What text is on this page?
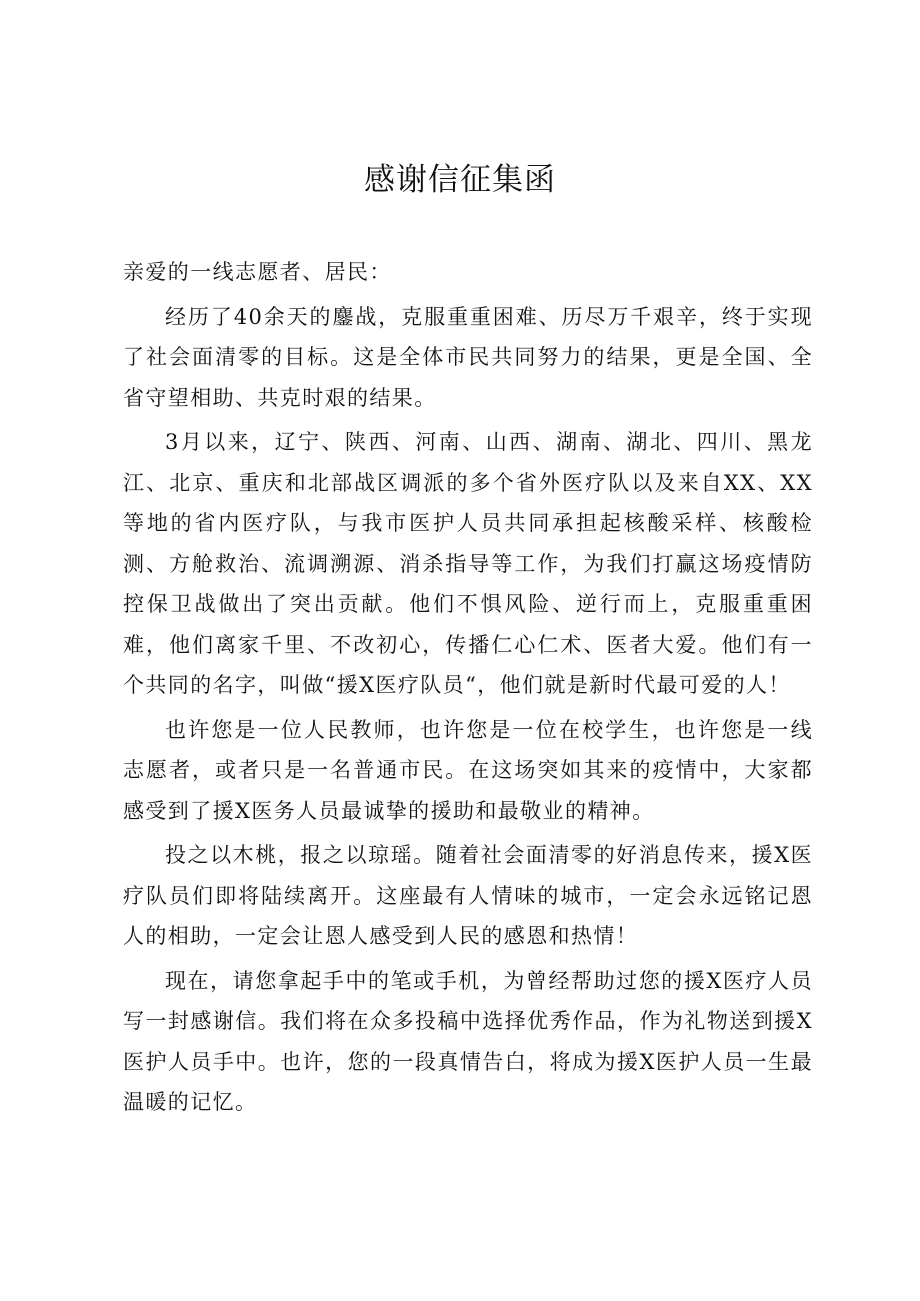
感谢信征集函

亲爱的一线志愿者、居民：

经历了40余天的鏖战，克服重重困难、历尽万千艰辛，终于实现了社会面清零的目标。这是全体市民共同努力的结果，更是全国、全省守望相助、共克时艰的结果。

3月以来，辽宁、陕西、河南、山西、湖南、湖北、四川、黑龙江、北京、重庆和北部战区调派的多个省外医疗队以及来自XX、XX等地的省内医疗队，与我市医护人员共同承担起核酸采样、核酸检测、方舱救治、流调溯源、消杀指导等工作，为我们打赢这场疫情防控保卫战做出了突出贡献。他们不惧风险、逆行而上，克服重重困难，他们离家千里、不改初心，传播仁心仁术、医者大爱。他们有一个共同的名字，叫做“援X医疗队员“，他们就是新时代最可爱的人！

也许您是一位人民教师，也许您是一位在校学生，也许您是一线志愿者，或者只是一名普通市民。在这场突如其来的疫情中，大家都感受到了援X医务人员最诚挚的援助和最敬业的精神。

投之以木桃，报之以琼瑶。随着社会面清零的好消息传来，援X医疗队员们即将陆续离开。这座最有人情味的城市，一定会永远铭记恩人的相助，一定会让恩人感受到人民的感恩和热情！

现在，请您拿起手中的笔或手机，为曾经帮助过您的援X医疗人员写一封感谢信。我们将在众多投稿中选择优秀作品，作为礼物送到援X医护人员手中。也许，您的一段真情告白，将成为援X医护人员一生最温暖的记忆。
